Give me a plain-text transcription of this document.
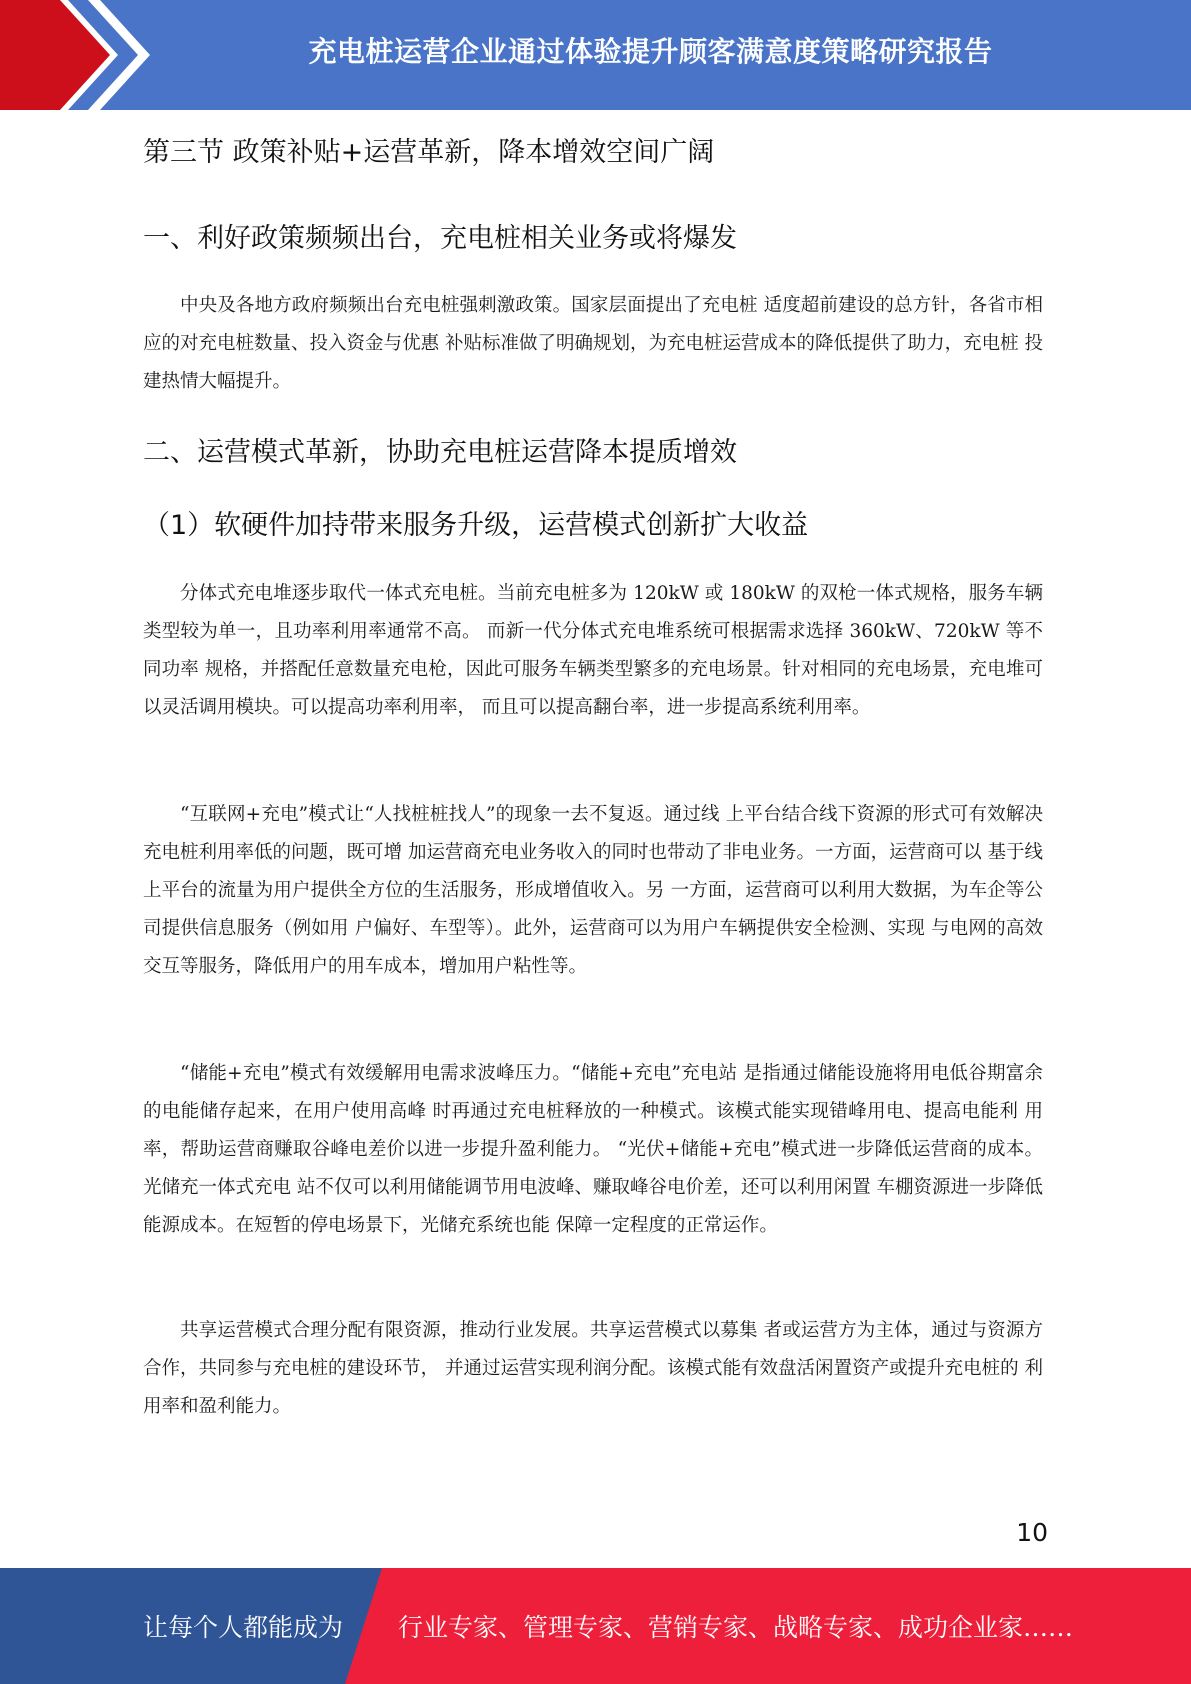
充电桩运营企业通过体验提升顾客满意度策略研究报告
第三节 政策补贴+运营革新，降本增效空间广阔
一、利好政策频频出台，充电桩相关业务或将爆发

中央及各地方政府频频出台充电桩强刺激政策。国家层面提出了充电桩 适度超前建设的总方针，各省市相应的对充电桩数量、投入资金与优惠 补贴标准做了明确规划，为充电桩运营成本的降低提供了助力，充电桩 投建热情大幅提升。

二、运营模式革新，协助充电桩运营降本提质增效
（1）软硬件加持带来服务升级，运营模式创新扩大收益

分体式充电堆逐步取代一体式充电桩。当前充电桩多为 120kW 或 180kW 的双枪一体式规格，服务车辆类型较为单一，且功率利用率通常不高。 而新一代分体式充电堆系统可根据需求选择 360kW、720kW 等不同功率 规格，并搭配任意数量充电枪，因此可服务车辆类型繁多的充电场景。针对相同的充电场景，充电堆可以灵活调用模块。可以提高功率利用率， 而且可以提高翻台率，进一步提高系统利用率。

“互联网+充电”模式让“人找桩桩找人”的现象一去不复返。通过线 上平台结合线下资源的形式可有效解决充电桩利用率低的问题，既可增 加运营商充电业务收入的同时也带动了非电业务。一方面，运营商可以 基于线上平台的流量为用户提供全方位的生活服务，形成增值收入。另 一方面，运营商可以利用大数据，为车企等公司提供信息服务（例如用 户偏好、车型等）。此外，运营商可以为用户车辆提供安全检测、实现 与电网的高效交互等服务，降低用户的用车成本，增加用户粘性等。

“储能+充电”模式有效缓解用电需求波峰压力。“储能+充电”充电站 是指通过储能设施将用电低谷期富余的电能储存起来，在用户使用高峰 时再通过充电桩释放的一种模式。该模式能实现错峰用电、提高电能利 用率，帮助运营商赚取谷峰电差价以进一步提升盈利能力。 “光伏+储能+充电”模式进一步降低运营商的成本。光储充一体式充电 站不仅可以利用储能调节用电波峰、赚取峰谷电价差，还可以利用闲置 车棚资源进一步降低能源成本。在短暂的停电场景下，光储充系统也能 保障一定程度的正常运作。

共享运营模式合理分配有限资源，推动行业发展。共享运营模式以募集 者或运营方为主体，通过与资源方合作，共同参与充电桩的建设环节， 并通过运营实现利润分配。该模式能有效盘活闲置资产或提升充电桩的 利用率和盈利能力。

10
让每个人都能成为 行业专家、管理专家、营销专家、战略专家、成功企业家……
